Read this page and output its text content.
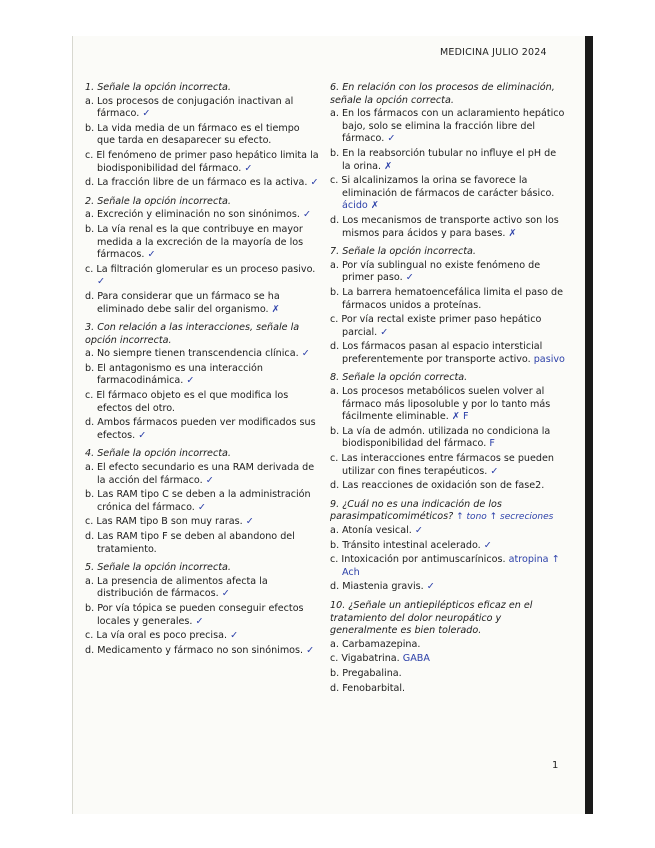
MEDICINA JULIO 2024
1. Señale la opción incorrecta.
a. Los procesos de conjugación inactivan al fármaco. ✓
b. La vida media de un fármaco es el tiempo que tarda en desaparecer su efecto.
c. El fenómeno de primer paso hepático limita la biodisponibilidad del fármaco. ✓
d. La fracción libre de un fármaco es la activa. ✓
2. Señale la opción incorrecta.
a. Excreción y eliminación no son sinónimos. ✓
b. La vía renal es la que contribuye en mayor medida a la excreción de la mayoría de los fármacos. ✓
c. La filtración glomerular es un proceso pasivo. ✓
d. Para considerar que un fármaco se ha eliminado debe salir del organismo. ✗
3. Con relación a las interacciones, señale la opción incorrecta.
a. No siempre tienen transcendencia clínica. ✓
b. El antagonismo es una interacción farmacodinámica. ✓
c. El fármaco objeto es el que modifica los efectos del otro.
d. Ambos fármacos pueden ver modificados sus efectos. ✓
4. Señale la opción incorrecta.
a. El efecto secundario es una RAM derivada de la acción del fármaco. ✓
b. Las RAM tipo C se deben a la administración crónica del fármaco. ✓
c. Las RAM tipo B son muy raras. ✓
d. Las RAM tipo F se deben al abandono del tratamiento.
5. Señale la opción incorrecta.
a. La presencia de alimentos afecta la distribución de fármacos. ✓
b. Por vía tópica se pueden conseguir efectos locales y generales. ✓
c. La vía oral es poco precisa. ✓
d. Medicamento y fármaco no son sinónimos. ✓
6. En relación con los procesos de eliminación, señale la opción correcta.
a. En los fármacos con un aclaramiento hepático bajo, solo se elimina la fracción libre del fármaco. ✓
b. En la reabsorción tubular no influye el pH de la orina. ✗
c. Si alcalinizamos la orina se favorece la eliminación de fármacos de carácter básico. ácido ✗
d. Los mecanismos de transporte activo son los mismos para ácidos y para bases. ✗
7. Señale la opción incorrecta.
a. Por vía sublingual no existe fenómeno de primer paso. ✓
b. La barrera hematoencefálica limita el paso de fármacos unidos a proteínas.
c. Por vía rectal existe primer paso hepático parcial. ✓
d. Los fármacos pasan al espacio intersticial preferentemente por transporte activo. pasivo
8. Señale la opción correcta.
a. Los procesos metabólicos suelen volver al fármaco más liposoluble y por lo tanto más fácilmente eliminable. ✗ F
b. La vía de admón. utilizada no condiciona la biodisponibilidad del fármaco. F
c. Las interacciones entre fármacos se pueden utilizar con fines terapéuticos. ✓
d. Las reacciones de oxidación son de fase2.
9. ¿Cuál no es una indicación de los parasimpaticomiméticos? ↑ tono ↑ secreciones
a. Atonía vesical. ✓
b. Tránsito intestinal acelerado. ✓
c. Intoxicación por antimuscarínicos. atropina ↑ Ach
d. Miastenia gravis. ✓
10. ¿Señale un antiepilépticos eficaz en el tratamiento del dolor neuropático y generalmente es bien tolerado.
a. Carbamazepina.
c. Vigabatrina. GABA
b. Pregabalina.
d. Fenobarbital.
1
